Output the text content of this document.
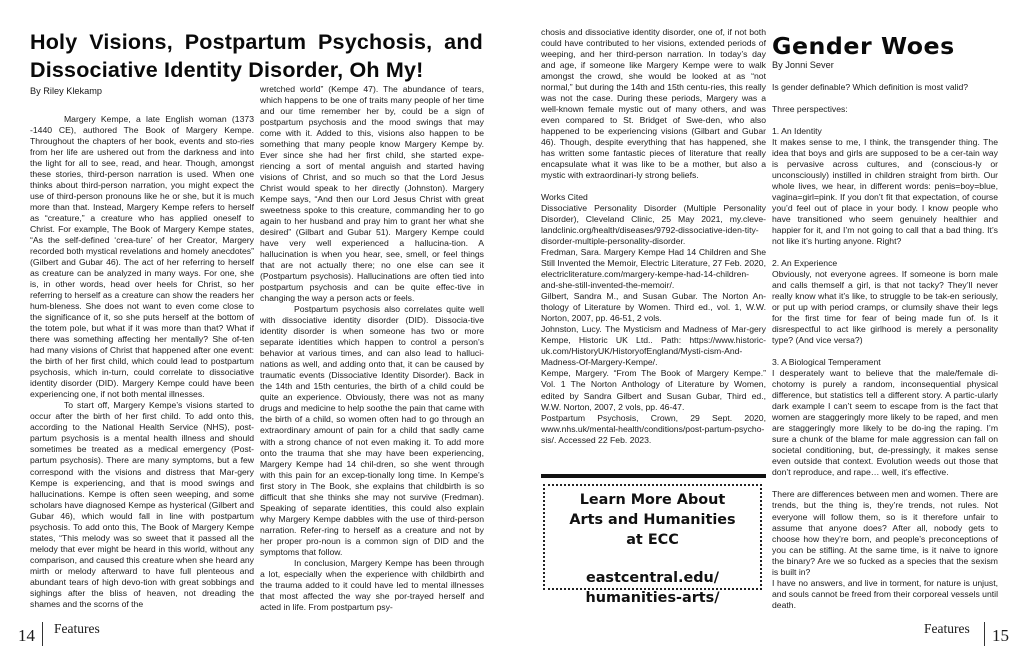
Holy Visions, Postpartum Psychosis, and
Dissociative Identity Disorder, Oh My!
By Riley Klekamp

Margery Kempe, a late English woman (1373 -1440 CE), authored The Book of Margery Kempe. Throughout the chapters of her book, events and sto-ries from her life are ushered out from the darkness and into the light for all to see, read, and hear. Though, amongst these stories, third-person narration is used. When one thinks about third-person narration, you might expect the use of third-person pronouns like he or she, but it is much more than that. Instead, Margery Kempe refers to herself as “creature,” a creature who has applied oneself to Christ. For example, The Book of Margery Kempe states, “As the self-defined ‘crea-ture’ of her Creator, Margery recorded both mystical revelations and homely anecdotes” (Gilbert and Gubar 46). The act of her referring to herself as creature can be analyzed in many ways. For one, she is, in other words, head over heels for Christ, so her referring to herself as a creature can show the readers her hum-bleness. She does not want to even come close to the significance of it, so she puts herself at the bottom of the totem pole, but what if it was more than that? What if there was something affecting her mentally? She of-ten had many visions of Christ that happened after one event: the birth of her first child, which could lead to postpartum psychosis, which in-turn, could correlate to dissociative identity disorder (DID). Margery Kempe could have been experiencing one, if not both mental illnesses.

To start off, Margery Kempe’s visions started to occur after the birth of her first child. To add onto this, according to the National Health Service (NHS), post-partum psychosis is a mental health illness and should sometimes be treated as a medical emergency (Post-partum psychosis). There are many symptoms, but a few correspond with the visions and distress that Mar-gery Kempe is experiencing, and that is mood swings and hallucinations. Kempe is often seen weeping, and some scholars have diagnosed Kempe as hysterical (Gilbert and Gubar 46), which would fall in line with postpartum psychosis. To add onto this, The Book of Margery Kempe states, “This melody was so sweet that it passed all the melody that ever might be heard in this world, without any comparison, and caused this creature when she heard any mirth or melody afterward to have full plenteous and abundant tears of high devo-tion with great sobbings and sighings after the bliss of heaven, not dreading the shames and the scorns of the

wretched world” (Kempe 47). The abundance of tears, which happens to be one of traits many people of her time and our time remember her by, could be a sign of postpartum psychosis and the mood swings that may come with it. Added to this, visions also happen to be something that many people know Margery Kempe by. Ever since she had her first child, she started expe-riencing a sort of mental anguish and started having visions of Christ, and so much so that the Lord Jesus Christ would speak to her directly (Johnston). Margery Kempe says, “And then our Lord Jesus Christ with great sweetness spoke to this creature, commanding her to go again to her husband and pray him to grant her what she desired” (Gilbart and Gubar 51). Margery Kempe could have very well experienced a hallucina-tion. A hallucination is when you hear, see, smell, or feel things that are not actually there; no one else can see it (Postpartum psychosis). Hallucinations are often tied into postpartum psychosis and can be quite effec-tive in changing the way a person acts or feels.

Postpartum psychosis also correlates quite well with dissociative identity disorder (DID). Dissocia-tive identity disorder is when someone has two or more separate identities which happen to control a person’s behavior at various times, and can also lead to halluci-nations as well, and adding onto that, it can be caused by traumatic events (Dissociative Identity Disorder). Back in the 14th and 15th centuries, the birth of a child could be quite an experience. Obviously, there was not as many drugs and medicine to help soothe the pain that came with the birth of a child, so women often had to go through an extraordinary amount of pain for a child that sadly came with a strong chance of not even making it. To add more onto the trauma that she may have been experiencing, Margery Kempe had 14 chil-dren, so she went through with this pain for an excep-tionally long time. In Kempe’s first story in The Book, she explains that childbirth is so difficult that she thinks she may not survive (Fredman). Speaking of separate identities, this could also explain why Margery Kempe dabbles with the use of third-person narration. Refer-ring to herself as a creature and not by her proper pro-noun is a common sign of DID and the symptoms that follow.

In conclusion, Margery Kempe has been through a lot, especially when the experience with childbirth and the trauma added to it could have led to mental illnesses that most affected the way she por-trayed herself and acted in life. From postpartum psy-

14 Features

chosis and dissociative identity disorder, one of, if not both could have contributed to her visions, extended periods of weeping, and her third-person narration. In today’s day and age, if someone like Margery Kempe were to walk amongst the crowd, she would be looked at as “not normal,” but during the 14th and 15th centu-ries, this really was not the case. During these periods, Margery was a well-known female mystic out of many others, and was even compared to St. Bridget of Swe-den, who also happened to be experiencing visions (Gilbart and Gubar 46). Though, despite everything that has happened, she has written some fantastic pieces of literature that really encapsulate what it was like to be a mother, but also a mystic with extraordinari-ly strong beliefs.

Works Cited

Dissociative Personality Disorder (Multiple Personality Disorder), Cleveland Clinic, 25 May 2021, my.cleve-landclinic.org/health/diseases/9792-dissociative-iden-tity-disorder-multiple-personality-disorder.

Fredman, Sara. Margery Kempe Had 14 Children and She Still Invented the Memoir, Electric Literature, 27 Feb. 2020, electricliterature.com/margery-kempe-had-14-children-and-she-still-invented-the-memoir/.

Gilbert, Sandra M., and Susan Gubar. The Norton An-thology of Literature by Women. Third ed., vol. 1, W.W. Norton, 2007, pp. 46-51, 2 vols.

Johnston, Lucy. The Mysticism and Madness of Mar-gery Kempe, Historic UK Ltd.. Path: https://www.historic-uk.com/HistoryUK/HistoryofEngland/Mysti-cism-And-Madness-Of-Margery-Kempe/.

Kempe, Margery. “From The Book of Margery Kempe.” Vol. 1 The Norton Anthology of Literature by Women, edited by Sandra Gilbert and Susan Gubar, Third ed., W.W. Norton, 2007, 2 vols, pp. 46-47.

Postpartum Psychosis, Crown, 29 Sept. 2020, www.nhs.uk/mental-health/conditions/post-partum-psycho-sis/. Accessed 22 Feb. 2023.

Learn More About
Arts and Humanities
at ECC
eastcentral.edu/
humanities-arts/
Gender Woes
By Jonni Sever

Is gender definable? Which definition is most valid?

Three perspectives:

1. An Identity

It makes sense to me, I think, the transgender thing. The idea that boys and girls are supposed to be a cer-tain way is pervasive across cultures, and (conscious-ly or unconsciously) instilled in children straight from birth. Our whole lives, we hear, in different words: penis=boy=blue, vagina=girl=pink. If you don’t fit that expectation, of course you’d feel out of place in your body. I know people who have transitioned who seem genuinely healthier and happier for it, and I’m not going to call that a bad thing. It’s not like it’s hurting anyone. Right?

2. An Experience

Obviously, not everyone agrees. If someone is born male and calls themself a girl, is that not tacky? They’ll never really know what it’s like, to struggle to be tak-en seriously, or put up with period cramps, or clumsily shave their legs for the first time for fear of being made fun of. Is it disrespectful to act like girlhood is merely a personality type? (And vice versa?)

3. A Biological Temperament

I desperately want to believe that the male/female di-chotomy is purely a random, inconsequential physical difference, but statistics tell a different story. A partic-ularly dark example I can’t seem to escape from is the fact that women are staggeringly more likely to be raped, and men are staggeringly more likely to be do-ing the raping. I’m sure a chunk of the blame for male aggression can fall on societal conditioning, but, de-pressingly, it makes sense even outside that context. Evolution weeds out those that don’t reproduce, and rape… well, it’s effective.

There are differences between men and women. There are trends, but the thing is, they’re trends, not rules. Not everyone will follow them, so is it therefore unfair to assume that anyone does? After all, nobody gets to choose how they’re born, and people’s preconceptions of you can be stifling. At the same time, is it naive to ignore the binary? Are we so fucked as a species that the sexism is built in?

I have no answers, and live in torment, for nature is unjust, and souls cannot be freed from their corporeal vessels until death.

Features 15
